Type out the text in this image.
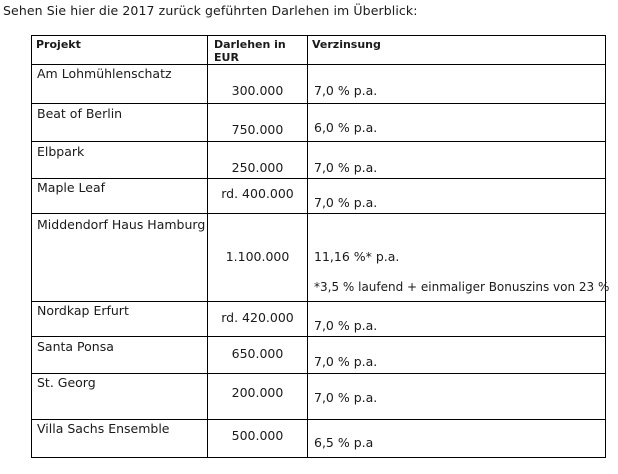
Sehen Sie hier die 2017 zurück geführten Darlehen im Überblick:
Projekt	Darlehen in EUR	Verzinsung

Am Lohmühlenschatz	300.000	7,0 % p.a.

Beat of Berlin	750.000	6,0 % p.a.

Elbpark	250.000	7,0 % p.a.

Maple Leaf	rd. 400.000	7,0 % p.a.

Middendorf Haus Hamburg	1.100.000	11,16 %* p.a.
*3,5 % laufend + einmaliger Bonuszins von 23 %

Nordkap Erfurt	rd. 420.000	7,0 % p.a.

Santa Ponsa	650.000	7,0 % p.a.

St. Georg	200.000	7,0 % p.a.

Villa Sachs Ensemble	500.000	6,5 % p.a
